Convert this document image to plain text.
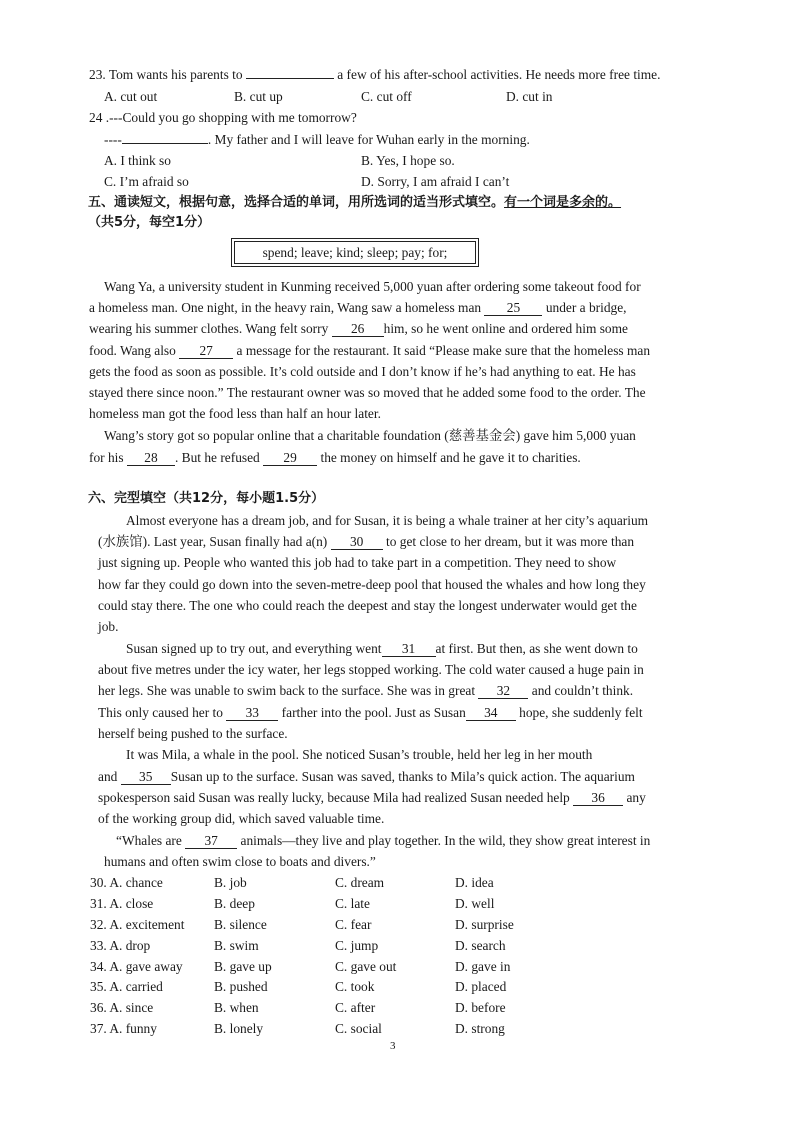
23. Tom wants his parents to	a few of his after-school activities. He needs more free time.
A. cut out	B. cut up	C. cut off	D. cut in
24 .---Could you go shopping with me tomorrow?
----	. My father and I will leave for Wuhan early in the morning.
A. I think so	B. Yes, I hope so.
C. I’m afraid so	D. Sorry, I am afraid I can’t
五、通读短文，根据句意，选择合适的单词，用所选词的适当形式填空。有一个词是多余的。
（共5分，每空1分）
spend; leave; kind; sleep; pay; for;
Wang Ya, a university student in Kunming received 5,000 yuan after ordering some takeout food for
a homeless man. One night, in the heavy rain, Wang saw a homeless man 25 under a bridge,
wearing his summer clothes. Wang felt sorry 26 him, so he went online and ordered him some
food. Wang also 27 a message for the restaurant. It said “Please make sure that the homeless man
gets the food as soon as possible. It’s cold outside and I don’t know if he’s had anything to eat. He has
stayed there since noon.” The restaurant owner was so moved that he added some food to the order. The
homeless man got the food less than half an hour later.
Wang’s story got so popular online that a charitable foundation (慈善基金会) gave him 5,000 yuan
for his 28 . But he refused 29 the money on himself and he gave it to charities.
六、完型填空（共12分，每小题1.5分）
Almost everyone has a dream job, and for Susan, it is being a whale trainer at her city’s aquarium
(水族馆). Last year, Susan finally had a(n) 30 to get close to her dream, but it was more than
just signing up. People who wanted this job had to take part in a competition. They need to show
how far they could go down into the seven-metre-deep pool that housed the whales and how long they
could stay there. The one who could reach the deepest and stay the longest underwater would get the
job.
Susan signed up to try out, and everything went 31 at first. But then, as she went down to
about five metres under the icy water, her legs stopped working. The cold water caused a huge pain in
her legs. She was unable to swim back to the surface. She was in great 32 and couldn’t think.
This only caused her to 33 farther into the pool. Just as Susan 34 hope, she suddenly felt
herself being pushed to the surface.
It was Mila, a whale in the pool. She noticed Susan’s trouble, held her leg in her mouth
and 35 Susan up to the surface. Susan was saved, thanks to Mila’s quick action. The aquarium
spokesperson said Susan was really lucky, because Mila had realized Susan needed help 36 any
of the working group did, which saved valuable time.
“Whales are 37 animals—they live and play together. In the wild, they show great interest in
humans and often swim close to boats and divers.”
30. A. chance	B. job	C. dream	D. idea
31. A. close	B. deep	C. late	D. well
32. A. excitement B. silence	C. fear	D. surprise
33. A. drop	B. swim	C. jump	D. search
34. A. gave away B. gave up	C. gave out	D. gave in
35. A. carried	B. pushed	C. took	D. placed
36. A. since	B. when	C. after	D. before
37. A. funny	B. lonely	C. social	D. strong
3
